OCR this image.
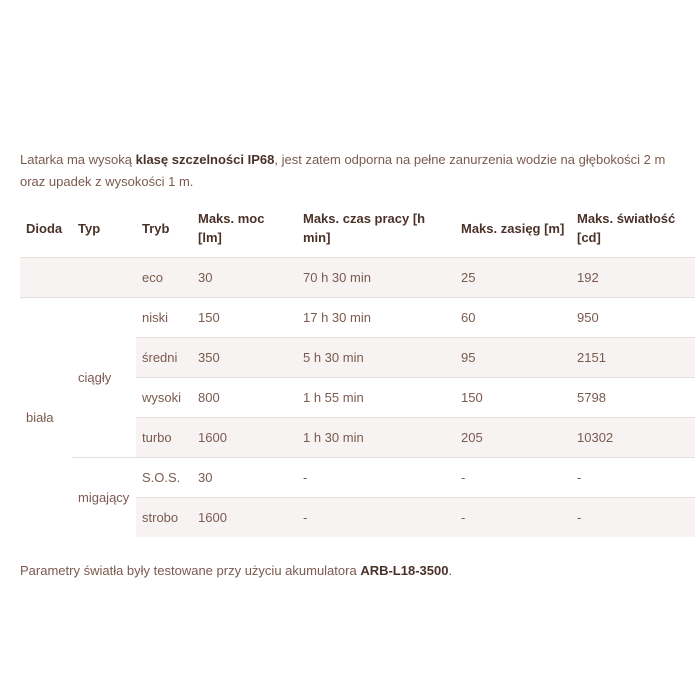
Latarka ma wysoką klasę szczelności IP68, jest zatem odporna na pełne zanurzenia wodzie na głębokości 2 m oraz upadek z wysokości 1 m.

Dioda	Typ	Tryb	Maks. moc [lm]	Maks. czas pracy [h min]	Maks. zasięg [m]	Maks. światłość [cd]
		eco	30	70 h 30 min	25	192
biała	ciągły	niski	150	17 h 30 min	60	950
		średni	350	5 h 30 min	95	2151
		wysoki	800	1 h 55 min	150	5798
		turbo	1600	1 h 30 min	205	10302
	migający	S.O.S.	30	-	-	-
		strobo	1600	-	-	-

Parametry światła były testowane przy użyciu akumulatora ARB-L18-3500.
